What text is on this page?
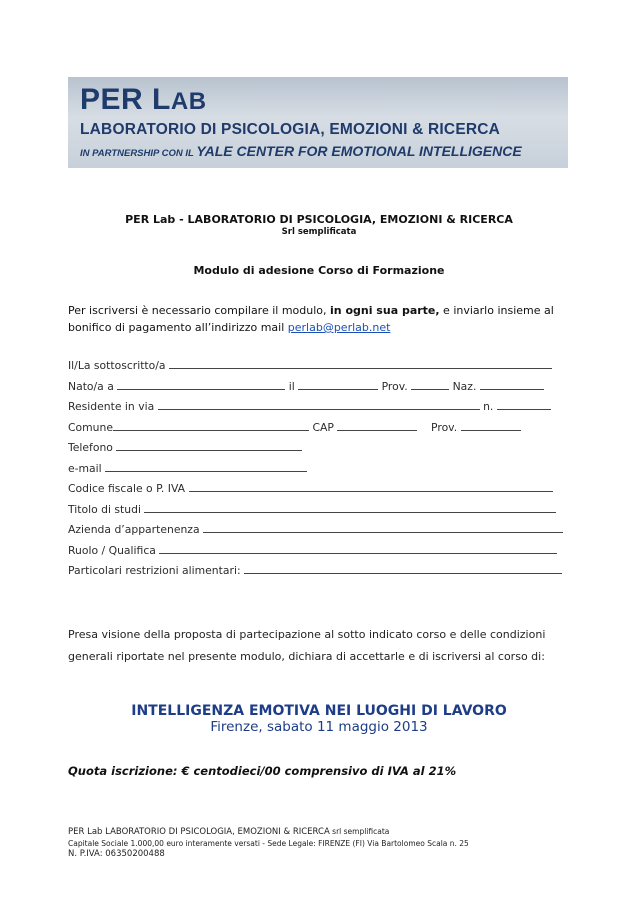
PER LAB
LABORATORIO DI PSICOLOGIA, EMOZIONI & RICERCA
IN PARTNERSHIP CON IL YALE CENTER FOR EMOTIONAL INTELLIGENCE
PER Lab - LABORATORIO DI PSICOLOGIA, EMOZIONI & RICERCA
Srl semplificata
Modulo di adesione Corso di Formazione
Per iscriversi è necessario compilare il modulo, in ogni sua parte, e inviarlo insieme al bonifico di pagamento all’indirizzo mail perlab@perlab.net
Il/La sottoscritto/a
Nato/a a	il	Prov.	Naz.
Residente in via	n.
Comune	CAP	Prov.
Telefono
e-mail
Codice fiscale o P. IVA
Titolo di studi
Azienda d’appartenenza
Ruolo / Qualifica
Particolari restrizioni alimentari:
Presa visione della proposta di partecipazione al sotto indicato corso e delle condizioni generali riportate nel presente modulo, dichiara di accettarle e di iscriversi al corso di:
INTELLIGENZA EMOTIVA NEI LUOGHI DI LAVORO
Firenze, sabato 11 maggio 2013
Quota iscrizione: € centodieci/00 comprensivo di IVA al 21%
PER Lab LABORATORIO DI PSICOLOGIA, EMOZIONI & RICERCA srl semplificata
Capitale Sociale 1.000,00 euro interamente versati - Sede Legale: FIRENZE (FI) Via Bartolomeo Scala n. 25
N. P.IVA: 06350200488
